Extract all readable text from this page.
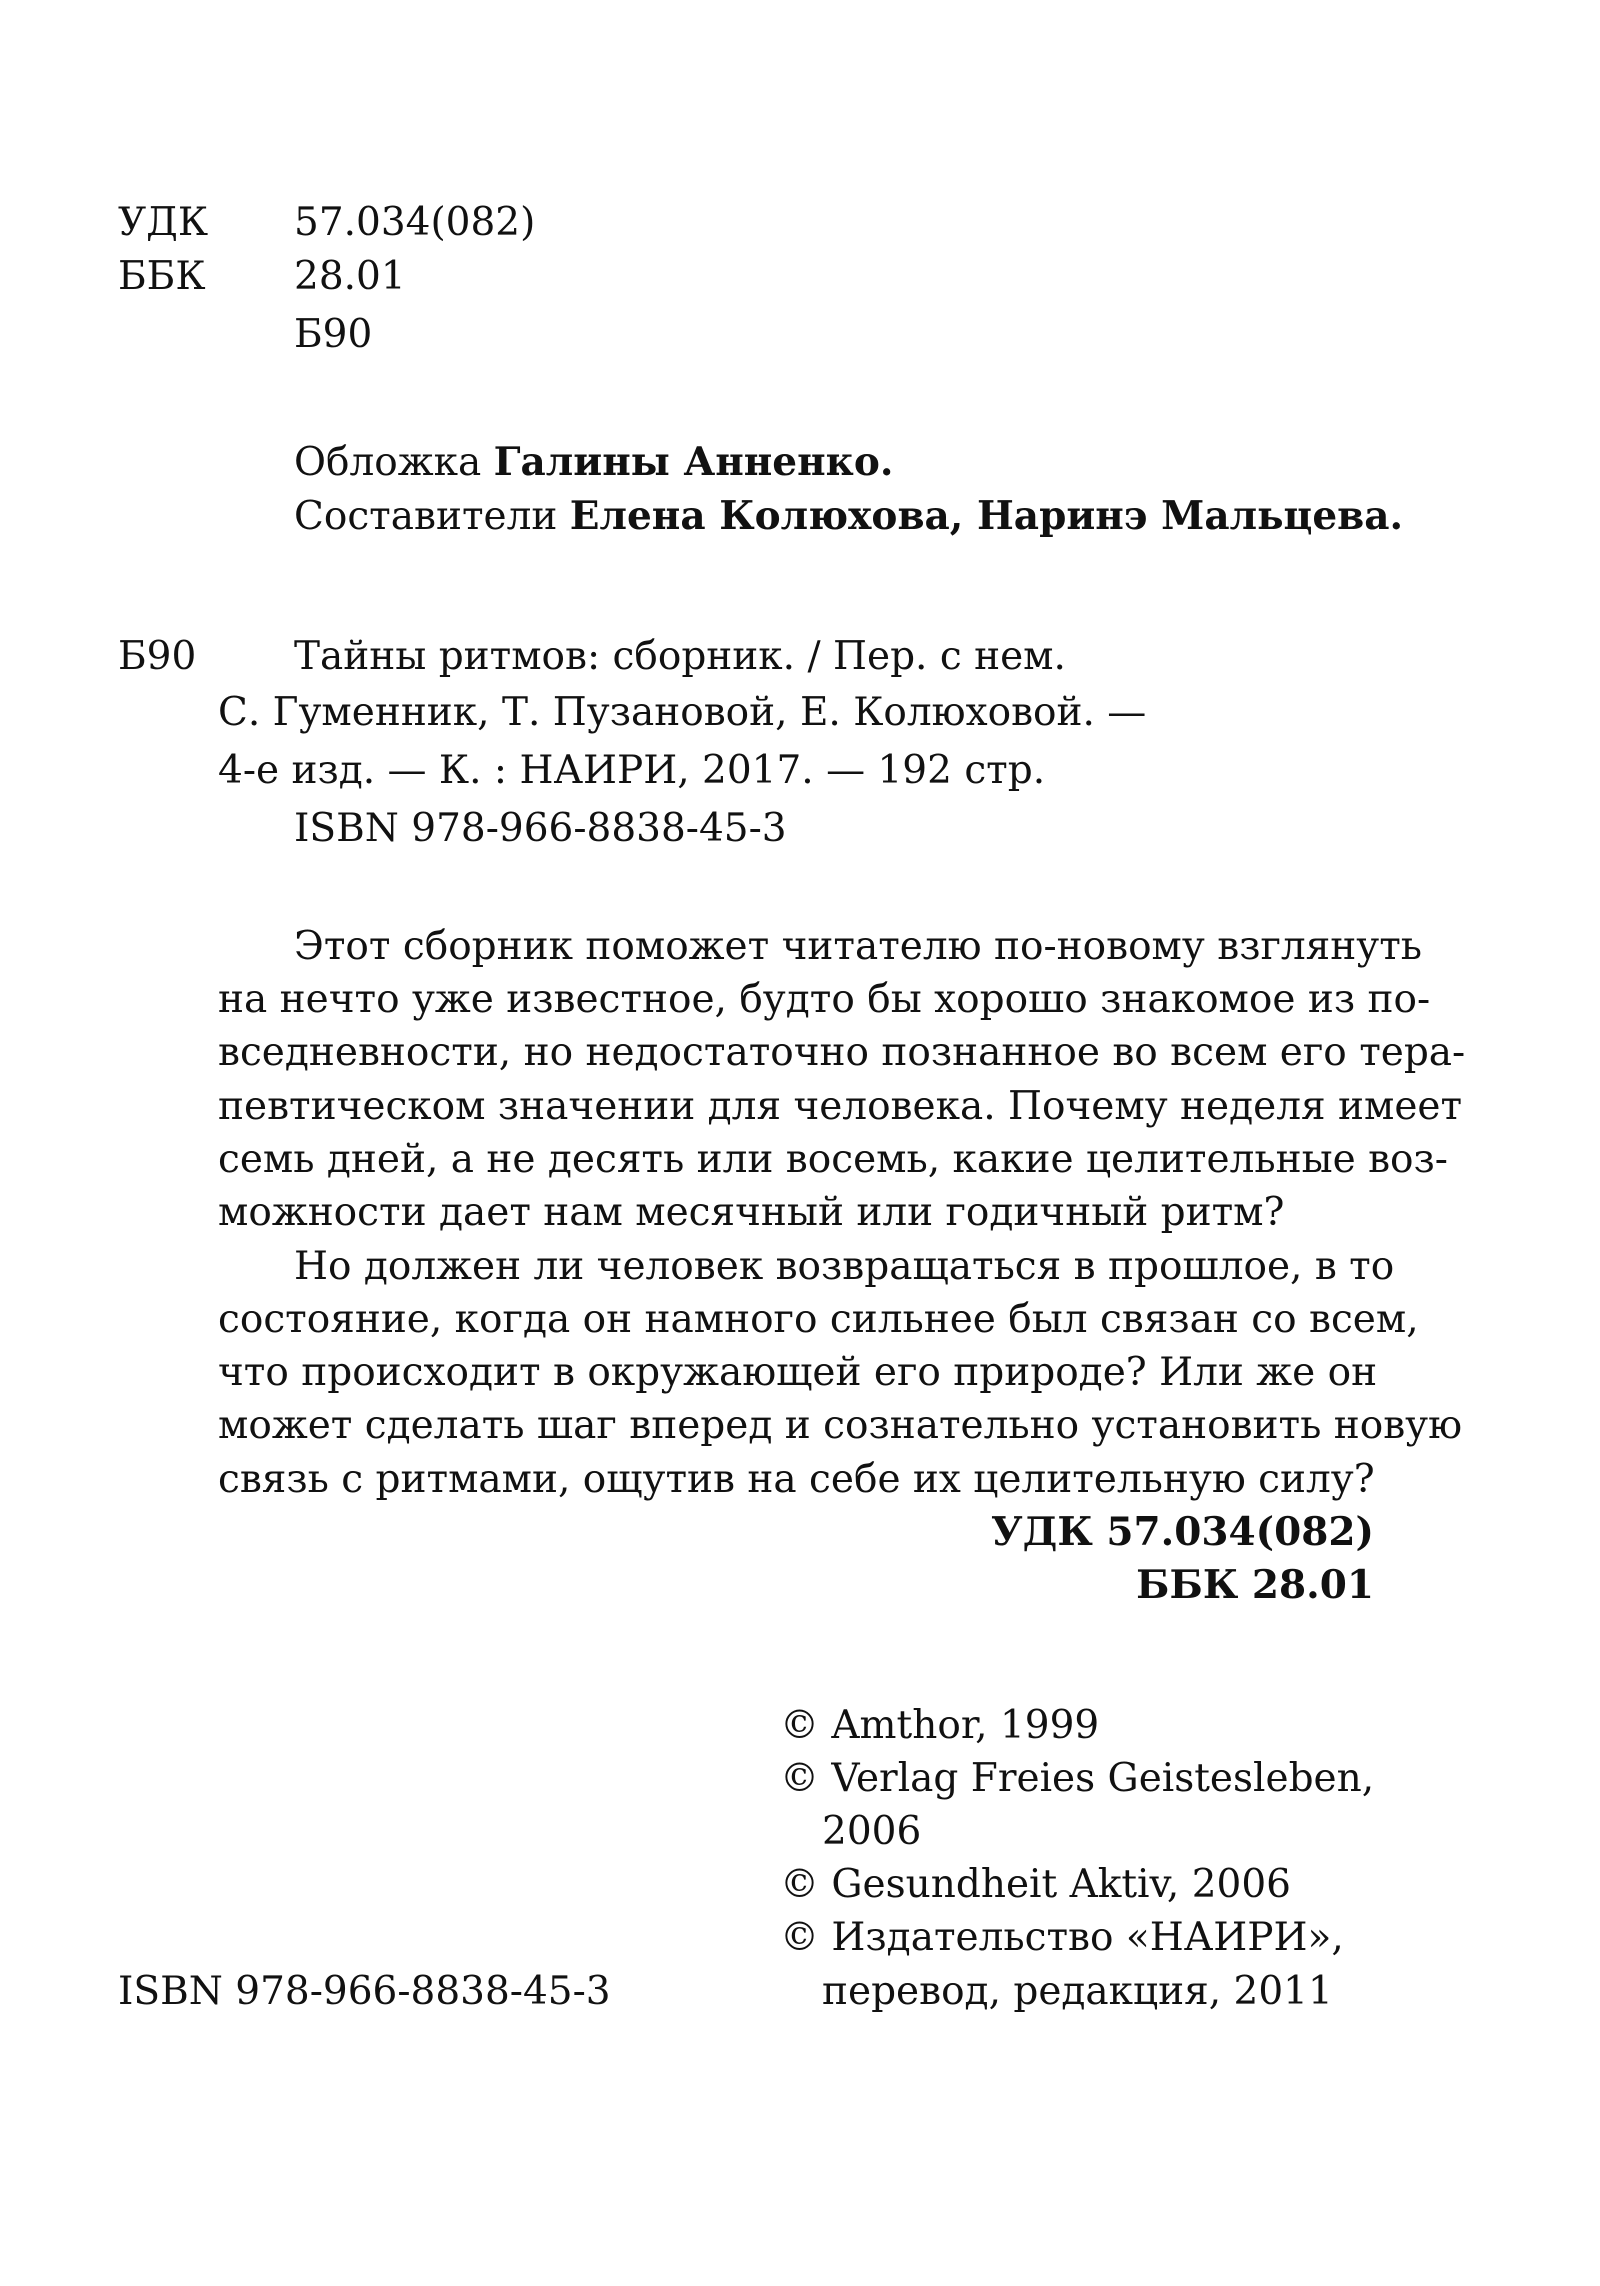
УДК 57.034(082)
ББК 28.01
Б90
Обложка Галины Анненко.
Составители Елена Колюхова, Наринэ Мальцева.
Б90	Тайны ритмов: сборник. / Пер. с нем.
С. Гуменник, Т. Пузановой, Е. Колюховой. —
4-е изд. — К. : НАИРИ, 2017. — 192 стр.
ISBN 978-966-8838-45-3
Этот сборник поможет читателю по-новому взглянуть
на нечто уже известное, будто бы хорошо знакомое из по-
вседневности, но недостаточно познанное во всем его тера-
певтическом значении для человека. Почему неделя имеет
семь дней, а не десять или восемь, какие целительные воз-
можности дает нам месячный или годичный ритм?
Но должен ли человек возвращаться в прошлое, в то
состояние, когда он намного сильнее был связан со всем,
что происходит в окружающей его природе? Или же он
может сделать шаг вперед и сознательно установить новую
связь с ритмами, ощутив на себе их целительную силу?
УДК 57.034(082)
ББК 28.01
© Amthor, 1999
© Verlag Freies Geistesleben,
2006
© Gesundheit Aktiv, 2006
© Издательство «НАИРИ»,
перевод, редакция, 2011
ISBN 978-966-8838-45-3
